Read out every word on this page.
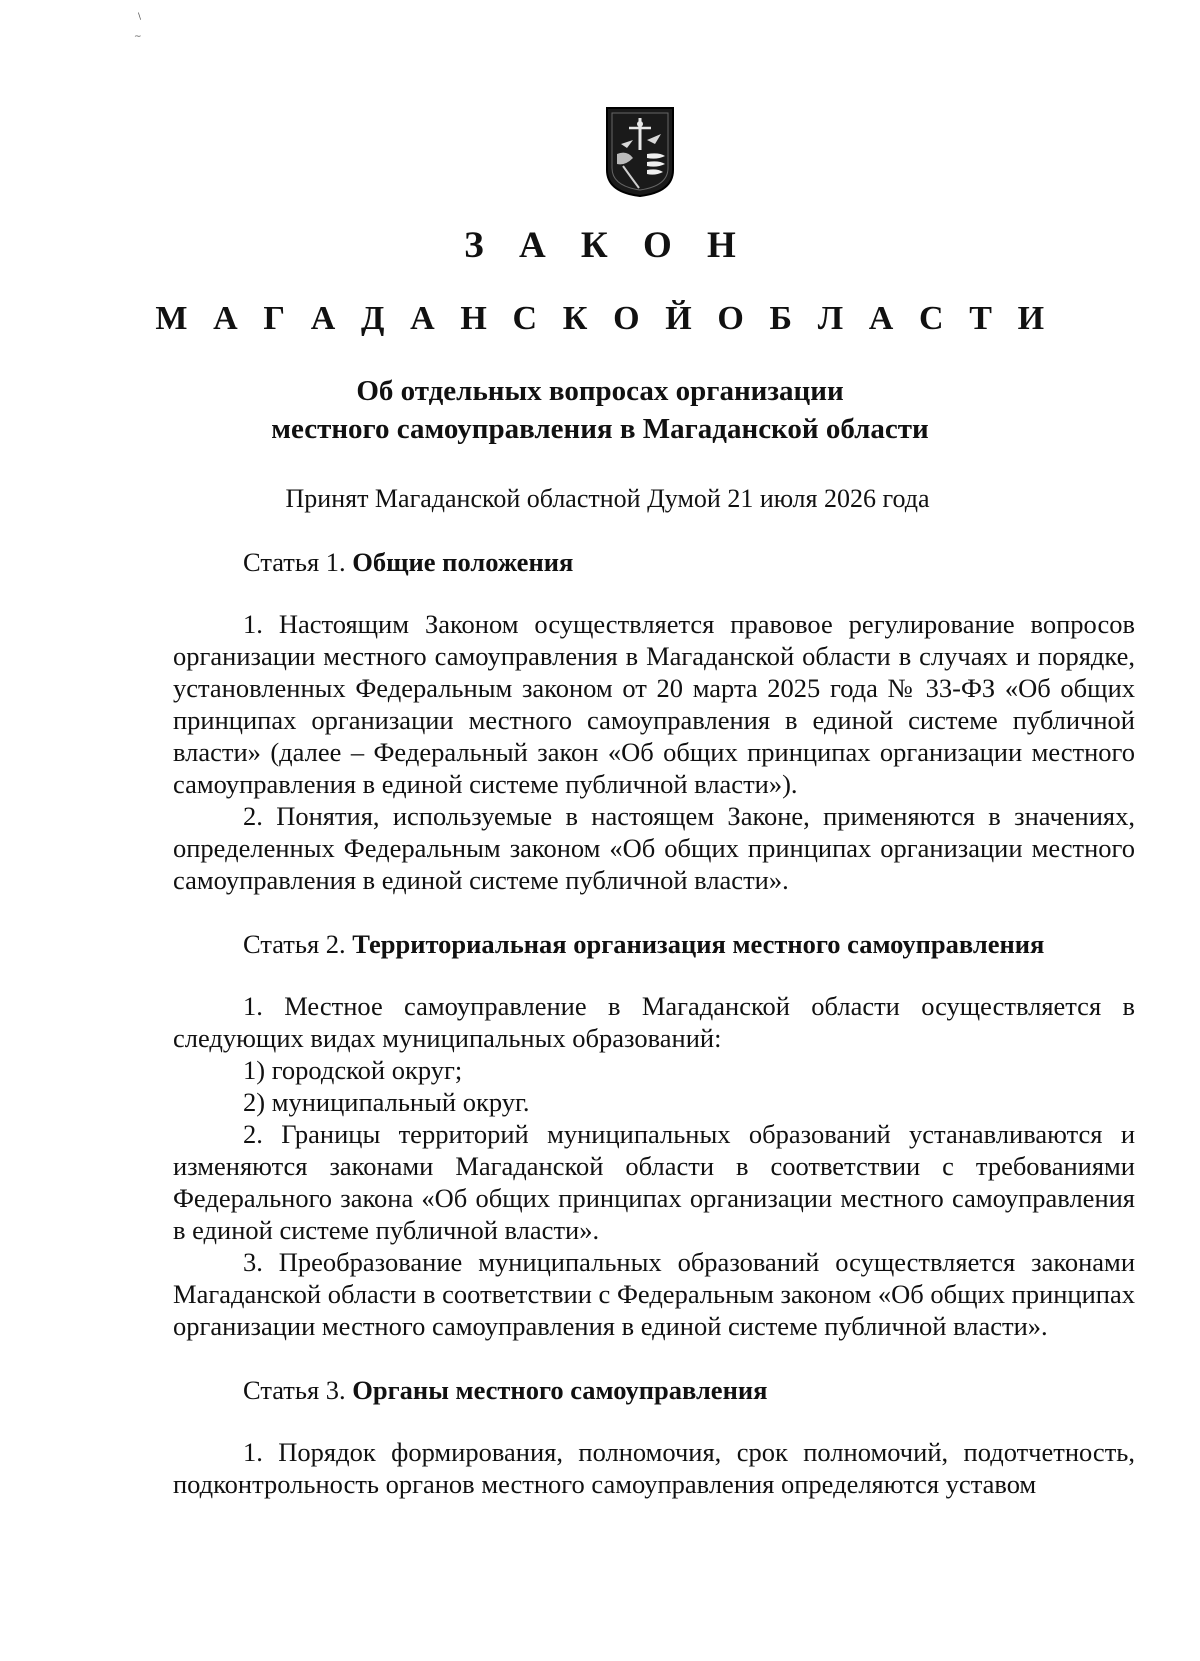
\
~
З А К О Н
М А Г А Д А Н С К О Й О Б Л А С Т И
Об отдельных вопросах организации
местного самоуправления в Магаданской области
Принят Магаданской областной Думой 21 июля 2026 года

Статья 1. Общие положения

1. Настоящим Законом осуществляется правовое регулирование вопросов организации местного самоуправления в Магаданской области в случаях и порядке, установленных Федеральным законом от 20 марта 2025 года № 33-ФЗ «Об общих принципах организации местного самоуправления в единой системе публичной власти» (далее – Федеральный закон «Об общих принципах организации местного самоуправления в единой системе публичной власти»).

2. Понятия, используемые в настоящем Законе, применяются в значениях, определенных Федеральным законом «Об общих принципах организации местного самоуправления в единой системе публичной власти».

Статья 2. Территориальная организация местного самоуправления

1. Местное самоуправление в Магаданской области осуществляется в следующих видах муниципальных образований:

1) городской округ;

2) муниципальный округ.

2. Границы территорий муниципальных образований устанавливаются и изменяются законами Магаданской области в соответствии с требованиями Федерального закона «Об общих принципах организации местного самоуправления в единой системе публичной власти».

3. Преобразование муниципальных образований осуществляется законами Магаданской области в соответствии с Федеральным законом «Об общих принципах организации местного самоуправления в единой системе публичной власти».

Статья 3. Органы местного самоуправления

1. Порядок формирования, полномочия, срок полномочий, подотчетность, подконтрольность органов местного самоуправления определяются уставом
